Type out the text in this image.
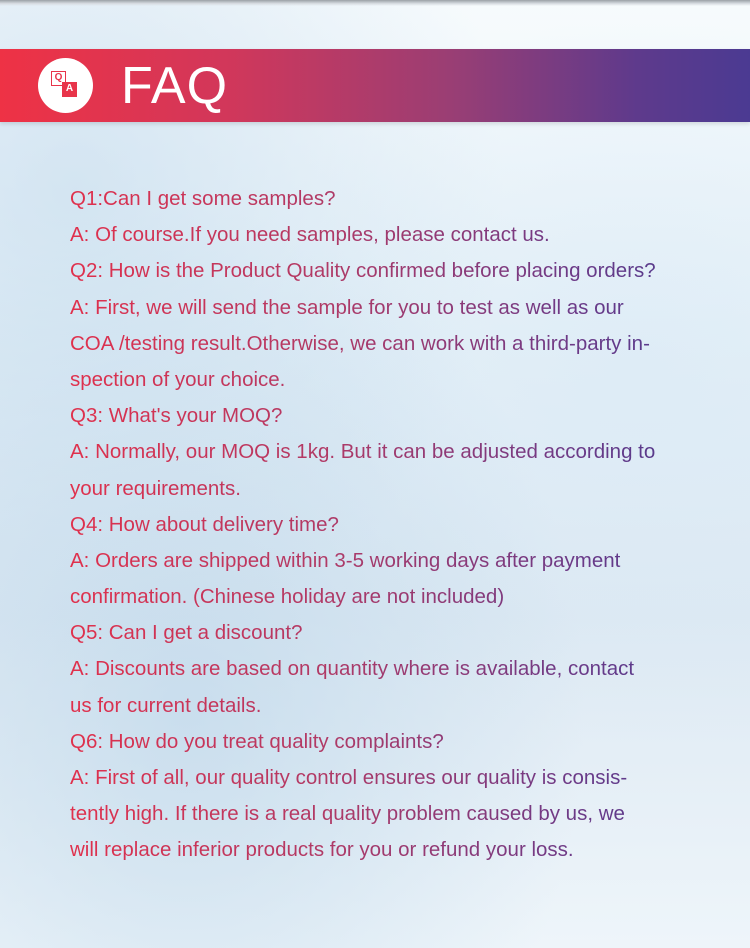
Q
A FAQ
Q1:Can I get some samples?
A: Of course.If you need samples, please contact us.
Q2: How is the Product Quality confirmed before placing orders?
A: First, we will send the sample for you to test as well as our
COA /testing result.Otherwise, we can work with a third-party in-
spection of your choice.
Q3: What's your MOQ?
A: Normally, our MOQ is 1kg. But it can be adjusted according to
your requirements.
Q4: How about delivery time?
A: Orders are shipped within 3-5 working days after payment
confirmation. (Chinese holiday are not included)
Q5: Can I get a discount?
A: Discounts are based on quantity where is available, contact
us for current details.
Q6: How do you treat quality complaints?
A: First of all, our quality control ensures our quality is consis-
tently high. If there is a real quality problem caused by us, we
will replace inferior products for you or refund your loss.
